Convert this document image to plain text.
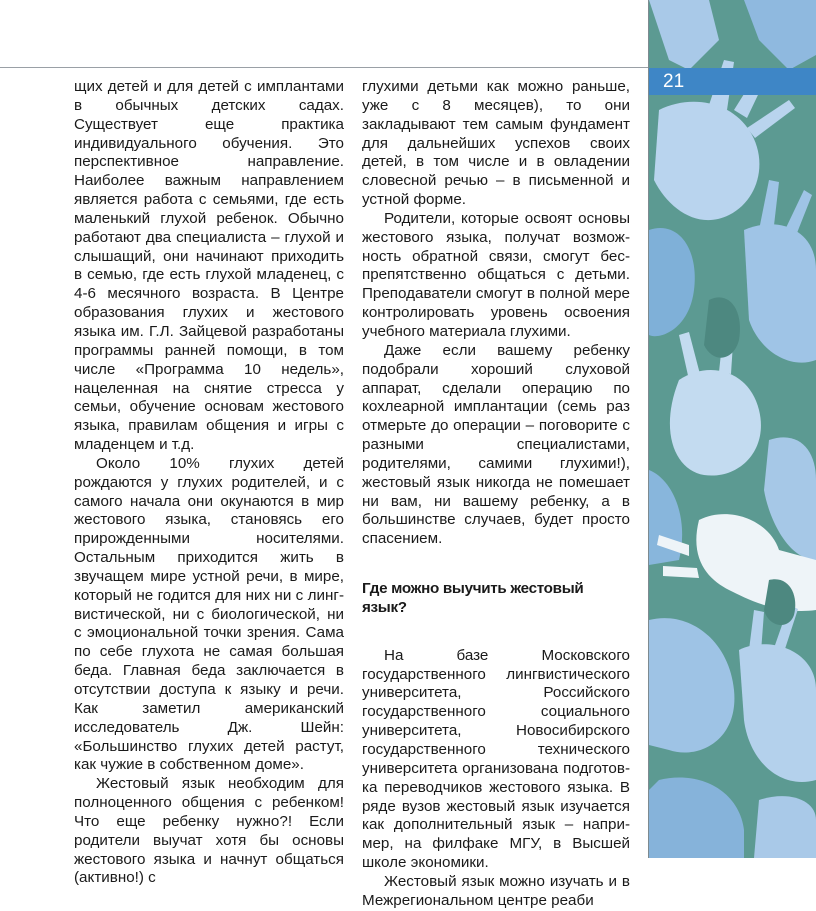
щих детей и для детей с имплантами в обычных детских садах. Существует еще практика индивидуального обучения. Это перспективное направление. Наиболее важным направлением является работа с семьями, где есть маленький глухой ребенок. Обычно работают два специалиста – глухой и слышащий, они начинают приходить в семью, где есть глухой младенец, с 4-6 месячного возраста. В Центре образования глухих и жестового языка им. Г.Л. Зайцевой разработаны программы ранней помощи, в том числе «Программа 10 недель», нацеленная на снятие стресса у семьи, обучение основам жестового языка, правилам общения и игры с младенцем и т.д.

Около 10% глухих детей рождаются у глухих родителей, и с самого начала они окунаются в мир жестового языка, становясь его прирожденными носителями. Остальным приходится жить в звучащем мире устной речи, в мире, который не годится для них ни с лингвистической, ни с биологической, ни с эмоциональной точки зрения. Сама по себе глухота не самая большая беда. Главная беда заключается в отсутствии доступа к языку и речи. Как заметил американский исследователь Дж. Шейн: «Большинство глухих детей растут, как чужие в собственном доме».

Жестовый язык необходим для полноценного общения с ребенком! Что еще ребенку нужно?! Если родители выучат хотя бы основы жестового языка и начнут общаться (активно!) с

глухими детьми как можно раньше, уже с 8 месяцев), то они закладывают тем самым фундамент для дальнейших успехов своих детей, в том числе и в овладении словесной речью – в письменной и устной форме.

Родители, которые освоят основы жестового языка, получат возможность обратной связи, смогут беспрепятственно общаться с детьми. Преподаватели смогут в полной мере контролировать уровень освоения учебного материала глухими.

Даже если вашему ребенку подобрали хороший слуховой аппарат, сделали операцию по кохлеарной имплантации (семь раз отмерьте до операции – поговорите с разными специалистами, родителями, самими глухими!), жестовый язык никогда не помешает ни вам, ни вашему ребенку, а в большинстве случаев, будет просто спасением.

Где можно выучить жестовый язык?

На базе Московского государственного лингвистического университета, Российского государственного социального университета, Новосибирского государственного технического университета организована подготовка переводчиков жестового языка. В ряде вузов жестовый язык изучается как дополнительный язык – например, на филфаке МГУ, в Высшей школе экономики.

Жестовый язык можно изучать и в Межрегиональном центре реаби

21
